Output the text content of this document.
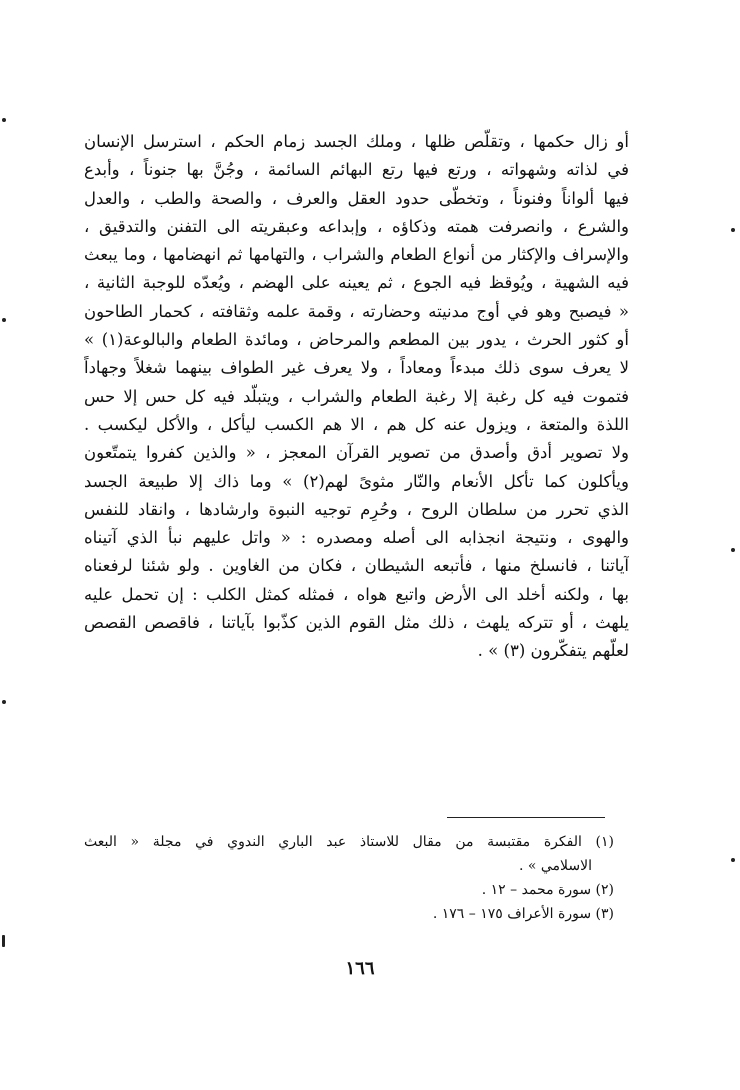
أو زال حكمها ، وتقلّص ظلها ، وملك الجسد زمام الحكم ، استرسل الإنسان
في لذاته وشهواته ، ورتع فيها رتع البهائم السائمة ، وجُنَّ بها جنوناً ، وأبدع
فيها ألواناً وفنوناً ، وتخطّى حدود العقل والعرف ، والصحة والطب ، والعدل
والشرع ، وانصرفت همته وذكاؤه ، وإبداعه وعبقريته الى التفنن والتدقيق ،
والإسراف والإكثار من أنواع الطعام والشراب ، والتهامها ثم انهضامها ، وما يبعث
فيه الشهية ، ويُوقظ فيه الجوع ، ثم يعينه على الهضم ، ويُعدّه للوجبة الثانية ،
« فيصبح وهو في أوج مدنيته وحضارته ، وقمة علمه وثقافته ، كحمار الطاحون
أو كثور الحرث ، يدور بين المطعم والمرحاض ، ومائدة الطعام والبالوعة(١) »
لا يعرف سوى ذلك مبدءاً ومعاداً ، ولا يعرف غير الطواف بينهما شغلاً وجهاداً
فتموت فيه كل رغبة إلا رغبة الطعام والشراب ، ويتبلّد فيه كل حس إلا حس
اللذة والمتعة ، ويزول عنه كل هم ، الا هم الكسب ليأكل ، والأكل ليكسب .
ولا تصوير أدق وأصدق من تصوير القرآن المعجز ، « والذين كفروا يتمتّعون
ويأكلون كما تأكل الأنعام والنّار مثوىً لهم(٢) » وما ذاك إلا طبيعة الجسد
الذي تحرر من سلطان الروح ، وحُرِم توجيه النبوة وارشادها ، وانقاد للنفس
والهوى ، ونتيجة انجذابه الى أصله ومصدره : « واتل عليهم نبأ الذي آتيناه
آياتنا ، فانسلخ منها ، فأتبعه الشيطان ، فكان من الغاوين . ولو شئنا لرفعناه
بها ، ولكنه أخلد الى الأرض واتبع هواه ، فمثله كمثل الكلب : إن تحمل عليه
يلهث ، أو تتركه يلهث ، ذلك مثل القوم الذين كذّبوا بآياتنا ، فاقصص القصص
لعلّهم يتفكّرون (٣) » .
(١) الفكرة مقتبسة من مقال للاستاذ عبد الباري الندوي في مجلة « البعث
الاسلامي » .
(٢) سورة محمد – ١٢ .
(٣) سورة الأعراف ١٧٥ – ١٧٦ .
١٦٦
